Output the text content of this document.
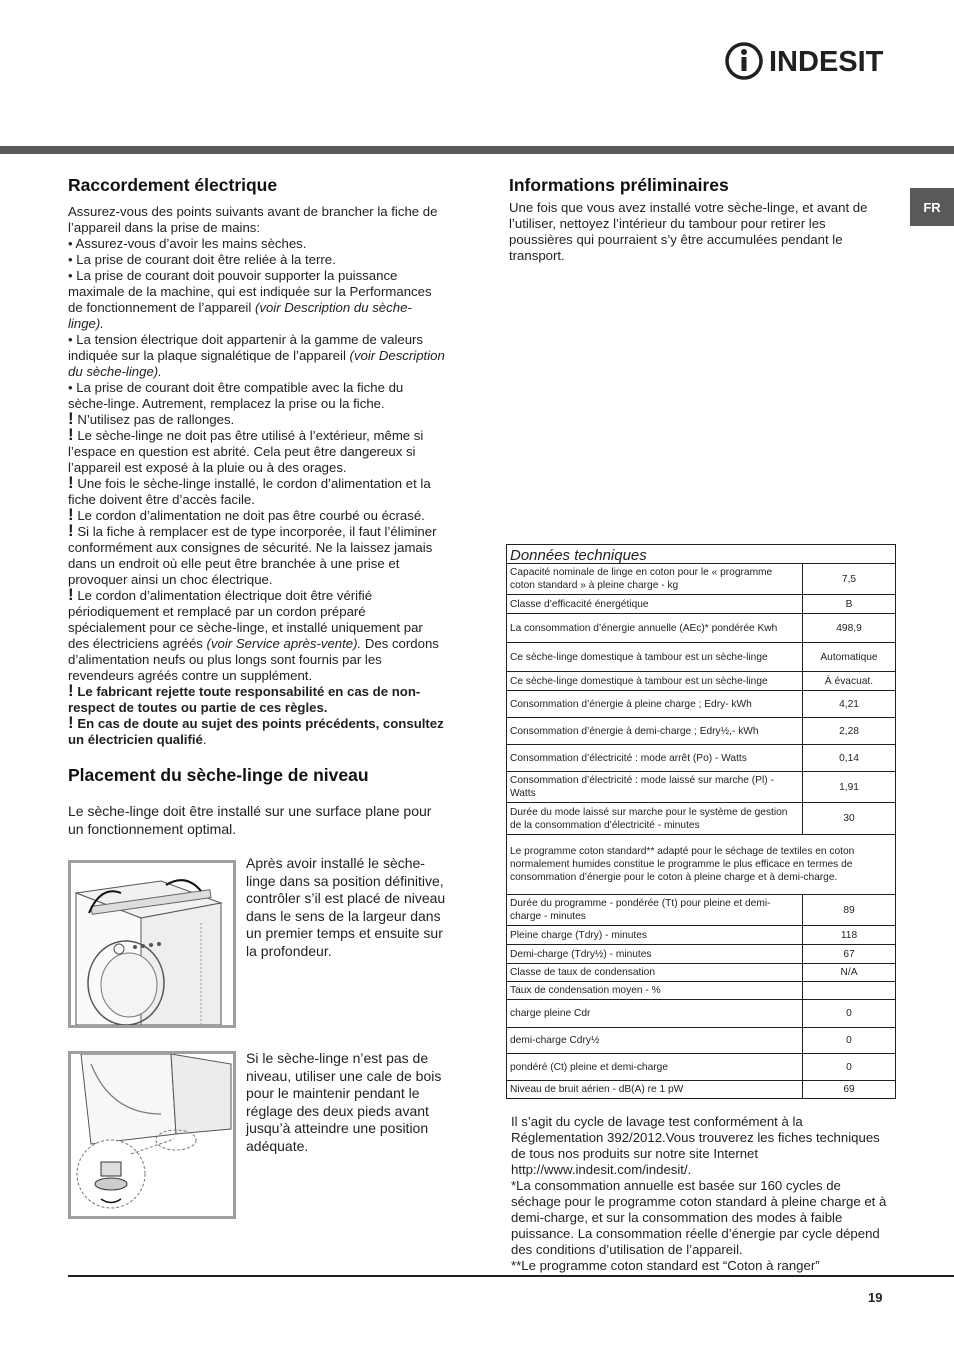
INDESIT
FR
Raccordement électrique

Assurez-vous des points suivants avant de brancher la fiche de l’appareil dans la prise de mains:

• Assurez-vous d’avoir les mains sèches.

• La prise de courant doit être reliée à la terre.

• La prise de courant doit pouvoir supporter la puissance maximale de la machine, qui est indiquée sur la Performances de fonctionnement de l’appareil (voir Description du sèche-linge).

• La tension électrique doit appartenir à la gamme de valeurs indiquée sur la plaque signalétique de l’appareil (voir Description du sèche-linge).

• La prise de courant doit être compatible avec la fiche du sèche-linge. Autrement, remplacez la prise ou la fiche.

! N’utilisez pas de rallonges.

! Le sèche-linge ne doit pas être utilisé à l’extérieur, même si l’espace en question est abrité. Cela peut être dangereux si l’appareil est exposé à la pluie ou à des orages.

! Une fois le sèche-linge installé, le cordon d’alimentation et la fiche doivent être d’accès facile.

! Le cordon d’alimentation ne doit pas être courbé ou écrasé.

! Si la fiche à remplacer est de type incorporée, il faut l’éliminer conformément aux consignes de sécurité. Ne la laissez jamais dans un endroit où elle peut être branchée à une prise et provoquer ainsi un choc électrique.

! Le cordon d’alimentation électrique doit être vérifié périodiquement et remplacé par un cordon préparé spécialement pour ce sèche-linge, et installé uniquement par des électriciens agréés (voir Service après-vente). Des cordons d’alimentation neufs ou plus longs sont fournis par les revendeurs agréés contre un supplément.

! Le fabricant rejette toute responsabilité en cas de non-respect de toutes ou partie de ces règles.

! En cas de doute au sujet des points précédents, consultez un électricien qualifié.

Placement du sèche-linge de niveau
Le sèche-linge doit être installé sur une surface plane pour un fonctionnement optimal.
Après avoir installé le sèche-linge dans sa position définitive, contrôler s’il est placé de niveau dans le sens de la largeur dans un premier temps et ensuite sur la profondeur.
Si le sèche-linge n’est pas de niveau, utiliser une cale de bois pour le maintenir pendant le réglage des deux pieds avant jusqu’à atteindre une position adéquate.
Informations préliminaires
Une fois que vous avez installé votre sèche-linge, et avant de l’utiliser, nettoyez l’intérieur du tambour pour retirer les poussières qui pourraient s’y être accumulées pendant le transport.
Données techniques	
Capacité nominale de linge en coton pour le « programme coton standard » à pleine charge - kg	7,5
Classe d’efficacité énergétique	B
La consommation d’énergie annuelle (AEc)* pondérée Kwh	498,9
Ce sèche-linge domestique à tambour est un sèche-linge	Automatique
Ce sèche-linge domestique à tambour est un sèche-linge	À évacuat.
Consommation d’énergie à pleine charge ; Edry- kWh	4,21
Consommation d’énergie à demi-charge ; Edry½,- kWh	2,28
Consommation d’électricité : mode arrêt (Po) - Watts	0,14
Consommation d’électricité : mode laissé sur marche (Pl) - Watts	1,91
Durée du mode laissé sur marche pour le système de gestion de la consommation d’électricité - minutes	30
Le programme coton standard** adapté pour le séchage de textiles en coton normalement humides constitue le programme le plus efficace en termes de consommation d’énergie pour le coton à pleine charge et à demi-charge.	
Durée du programme - pondérée (Tt) pour pleine et demi-charge - minutes	89
Pleine charge (Tdry) - minutes	118
Demi-charge (Tdry½) - minutes	67
Classe de taux de condensation	N/A
Taux de condensation moyen - %	
charge pleine Cdr	0
demi-charge Cdry½	0
pondéré (Ct) pleine et demi-charge	0
Niveau de bruit aérien - dB(A) re 1 pW	69

Il s’agit du cycle de lavage test conformément à la Réglementation 392/2012.Vous trouverez les fiches techniques de tous nos produits sur notre site Internet http://www.indesit.com/indesit/.

*La consommation annuelle est basée sur 160 cycles de séchage pour le programme coton standard à pleine charge et à demi-charge, et sur la consommation des modes à faible puissance. La consommation réelle d’énergie par cycle dépend des conditions d’utilisation de l’appareil.

**Le programme coton standard est “Coton à ranger”

19
